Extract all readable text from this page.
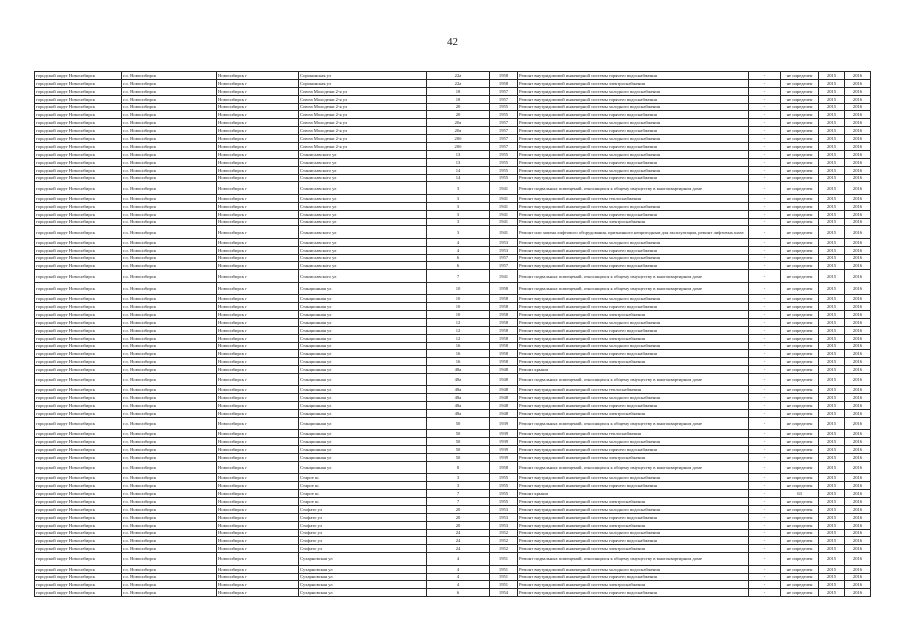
42
городской округ Новосибирск	г.о. Новосибирск	Новосибирск г	Сорокинская ул	22а	1958	Ремонт внутридомовой инженерной системы горячего водоснабжения	-	не определен	2015	2016
городской округ Новосибирск	г.о. Новосибирск	Новосибирск г	Сорокинская ул	22а	1958	Ремонт внутридомовой инженерной системы электроснабжения	-	не определен	2015	2016
городской округ Новосибирск	г.о. Новосибирск	Новосибирск г	Союза Молодежи 2-я ул	18	1957	Ремонт внутридомовой инженерной системы холодного водоснабжения	-	не определен	2015	2016
городской округ Новосибирск	г.о. Новосибирск	Новосибирск г	Союза Молодежи 2-я ул	18	1957	Ремонт внутридомовой инженерной системы горячего водоснабжения	-	не определен	2015	2016
городской округ Новосибирск	г.о. Новосибирск	Новосибирск г	Союза Молодежи 2-я ул	20	1955	Ремонт внутридомовой инженерной системы холодного водоснабжения	-	не определен	2015	2016
городской округ Новосибирск	г.о. Новосибирск	Новосибирск г	Союза Молодежи 2-я ул	20	1955	Ремонт внутридомовой инженерной системы горячего водоснабжения	-	не определен	2015	2016
городской округ Новосибирск	г.о. Новосибирск	Новосибирск г	Союза Молодежи 2-я ул	20а	1957	Ремонт внутридомовой инженерной системы холодного водоснабжения	-	не определен	2015	2016
городской округ Новосибирск	г.о. Новосибирск	Новосибирск г	Союза Молодежи 2-я ул	20а	1957	Ремонт внутридомовой инженерной системы горячего водоснабжения	-	не определен	2015	2016
городской округ Новосибирск	г.о. Новосибирск	Новосибирск г	Союза Молодежи 2-я ул	20б	1957	Ремонт внутридомовой инженерной системы холодного водоснабжения	-	не определен	2015	2016
городской округ Новосибирск	г.о. Новосибирск	Новосибирск г	Союза Молодежи 2-я ул	20б	1957	Ремонт внутридомовой инженерной системы горячего водоснабжения	-	не определен	2015	2016
городской округ Новосибирск	г.о. Новосибирск	Новосибирск г	Станиславского ул	13	1955	Ремонт внутридомовой инженерной системы холодного водоснабжения	-	не определен	2015	2016
городской округ Новосибирск	г.о. Новосибирск	Новосибирск г	Станиславского ул	13	1955	Ремонт внутридомовой инженерной системы горячего водоснабжения	-	не определен	2015	2016
городской округ Новосибирск	г.о. Новосибирск	Новосибирск г	Станиславского ул	14	1955	Ремонт внутридомовой инженерной системы холодного водоснабжения	-	не определен	2015	2016
городской округ Новосибирск	г.о. Новосибирск	Новосибирск г	Станиславского ул	14	1955	Ремонт внутридомовой инженерной системы горячего водоснабжения	-	не определен	2015	2016
городской округ Новосибирск	г.о. Новосибирск	Новосибирск г	Станиславского ул	3	1941	Ремонт подвальных помещений, относящихся к общему имуществу в многоквартирном доме	-	не определен	2015	2016
городской округ Новосибирск	г.о. Новосибирск	Новосибирск г	Станиславского ул	3	1941	Ремонт внутридомовой инженерной системы теплоснабжения	-	не определен	2015	2016
городской округ Новосибирск	г.о. Новосибирск	Новосибирск г	Станиславского ул	3	1941	Ремонт внутридомовой инженерной системы холодного водоснабжения	-	не определен	2015	2016
городской округ Новосибирск	г.о. Новосибирск	Новосибирск г	Станиславского ул	3	1941	Ремонт внутридомовой инженерной системы горячего водоснабжения	-	не определен	2015	2016
городской округ Новосибирск	г.о. Новосибирск	Новосибирск г	Станиславского ул	3	1941	Ремонт внутридомовой инженерной системы электроснабжения	-	не определен	2015	2016
городской округ Новосибирск	г.о. Новосибирск	Новосибирск г	Станиславского ул	3	1941	Ремонт или замена лифтового оборудования, признанного непригодным для эксплуатации, ремонт лифтовых шахт	-	не определен	2015	2016
городской округ Новосибирск	г.о. Новосибирск	Новосибирск г	Станиславского ул	4	1953	Ремонт внутридомовой инженерной системы холодного водоснабжения	-	не определен	2015	2016
городской округ Новосибирск	г.о. Новосибирск	Новосибирск г	Станиславского ул	4	1953	Ремонт внутридомовой инженерной системы горячего водоснабжения	-	не определен	2015	2016
городской округ Новосибирск	г.о. Новосибирск	Новосибирск г	Станиславского ул	6	1957	Ремонт внутридомовой инженерной системы холодного водоснабжения	-	не определен	2015	2016
городской округ Новосибирск	г.о. Новосибирск	Новосибирск г	Станиславского ул	6	1957	Ремонт внутридомовой инженерной системы горячего водоснабжения	-	не определен	2015	2016
городской округ Новосибирск	г.о. Новосибирск	Новосибирск г	Станиславского ул	7	1941	Ремонт подвальных помещений, относящихся к общему имуществу в многоквартирном доме	-	не определен	2015	2016
городской округ Новосибирск	г.о. Новосибирск	Новосибирск г	Станционная ул	10	1958	Ремонт подвальных помещений, относящихся к общему имуществу в многоквартирном доме	-	не определен	2015	2016
городской округ Новосибирск	г.о. Новосибирск	Новосибирск г	Станционная ул	10	1958	Ремонт внутридомовой инженерной системы холодного водоснабжения	-	не определен	2015	2016
городской округ Новосибирск	г.о. Новосибирск	Новосибирск г	Станционная ул	10	1958	Ремонт внутридомовой инженерной системы горячего водоснабжения	-	не определен	2015	2016
городской округ Новосибирск	г.о. Новосибирск	Новосибирск г	Станционная ул	10	1958	Ремонт внутридомовой инженерной системы электроснабжения	-	не определен	2015	2016
городской округ Новосибирск	г.о. Новосибирск	Новосибирск г	Станционная ул	12	1958	Ремонт внутридомовой инженерной системы холодного водоснабжения	-	не определен	2015	2016
городской округ Новосибирск	г.о. Новосибирск	Новосибирск г	Станционная ул	12	1958	Ремонт внутридомовой инженерной системы горячего водоснабжения	-	не определен	2015	2016
городской округ Новосибирск	г.о. Новосибирск	Новосибирск г	Станционная ул	12	1958	Ремонт внутридомовой инженерной системы электроснабжения	-	не определен	2015	2016
городской округ Новосибирск	г.о. Новосибирск	Новосибирск г	Станционная ул	16	1958	Ремонт внутридомовой инженерной системы холодного водоснабжения	-	не определен	2015	2016
городской округ Новосибирск	г.о. Новосибирск	Новосибирск г	Станционная ул	16	1958	Ремонт внутридомовой инженерной системы горячего водоснабжения	-	не определен	2015	2016
городской округ Новосибирск	г.о. Новосибирск	Новосибирск г	Станционная ул	16	1958	Ремонт внутридомовой инженерной системы электроснабжения	-	не определен	2015	2016
городской округ Новосибирск	г.о. Новосибирск	Новосибирск г	Станционная ул	48а	1948	Ремонт крыши	-	не определен	2015	2016
городской округ Новосибирск	г.о. Новосибирск	Новосибирск г	Станционная ул	48а	1948	Ремонт подвальных помещений, относящихся к общему имуществу в многоквартирном доме	-	не определен	2015	2016
городской округ Новосибирск	г.о. Новосибирск	Новосибирск г	Станционная ул	48а	1948	Ремонт внутридомовой инженерной системы теплоснабжения	-	не определен	2015	2016
городской округ Новосибирск	г.о. Новосибирск	Новосибирск г	Станционная ул	48а	1948	Ремонт внутридомовой инженерной системы холодного водоснабжения	-	не определен	2015	2016
городской округ Новосибирск	г.о. Новосибирск	Новосибирск г	Станционная ул	48а	1948	Ремонт внутридомовой инженерной системы горячего водоснабжения	-	не определен	2015	2016
городской округ Новосибирск	г.о. Новосибирск	Новосибирск г	Станционная ул	48а	1948	Ремонт внутридомовой инженерной системы электроснабжения	-	не определен	2015	2016
городской округ Новосибирск	г.о. Новосибирск	Новосибирск г	Станционная ул	50	1939	Ремонт подвальных помещений, относящихся к общему имуществу в многоквартирном доме	-	не определен	2015	2016
городской округ Новосибирск	г.о. Новосибирск	Новосибирск г	Станционная ул	50	1939	Ремонт внутридомовой инженерной системы теплоснабжения	-	не определен	2015	2016
городской округ Новосибирск	г.о. Новосибирск	Новосибирск г	Станционная ул	50	1939	Ремонт внутридомовой инженерной системы холодного водоснабжения	-	не определен	2015	2016
городской округ Новосибирск	г.о. Новосибирск	Новосибирск г	Станционная ул	50	1939	Ремонт внутридомовой инженерной системы горячего водоснабжения	-	не определен	2015	2016
городской округ Новосибирск	г.о. Новосибирск	Новосибирск г	Станционная ул	50	1939	Ремонт внутридомовой инженерной системы электроснабжения	-	не определен	2015	2016
городской округ Новосибирск	г.о. Новосибирск	Новосибирск г	Станционная ул	8	1958	Ремонт подвальных помещений, относящихся к общему имуществу в многоквартирном доме	-	не определен	2015	2016
городской округ Новосибирск	г.о. Новосибирск	Новосибирск г	Старое ш	3	1955	Ремонт внутридомовой инженерной системы холодного водоснабжения	-	не определен	2015	2016
городской округ Новосибирск	г.о. Новосибирск	Новосибирск г	Старое ш	3	1955	Ремонт внутридомовой инженерной системы горячего водоснабжения	-	не определен	2015	2016
городской округ Новосибирск	г.о. Новосибирск	Новосибирск г	Старое ш	7	1955	Ремонт крыши	-	63	2015	2016
городской округ Новосибирск	г.о. Новосибирск	Новосибирск г	Старое ш	7	1955	Ремонт внутридомовой инженерной системы электроснабжения	-	не определен	2015	2016
городской округ Новосибирск	г.о. Новосибирск	Новосибирск г	Стофато ул	20	1953	Ремонт внутридомовой инженерной системы холодного водоснабжения	-	не определен	2015	2016
городской округ Новосибирск	г.о. Новосибирск	Новосибирск г	Стофато ул	20	1953	Ремонт внутридомовой инженерной системы горячего водоснабжения	-	не определен	2015	2016
городской округ Новосибирск	г.о. Новосибирск	Новосибирск г	Стофато ул	20	1953	Ремонт внутридомовой инженерной системы электроснабжения	-	не определен	2015	2016
городской округ Новосибирск	г.о. Новосибирск	Новосибирск г	Стофато ул	24	1952	Ремонт внутридомовой инженерной системы холодного водоснабжения	-	не определен	2015	2016
городской округ Новосибирск	г.о. Новосибирск	Новосибирск г	Стофато ул	24	1952	Ремонт внутридомовой инженерной системы горячего водоснабжения	-	не определен	2015	2016
городской округ Новосибирск	г.о. Новосибирск	Новосибирск г	Стофато ул	24	1952	Ремонт внутридомовой инженерной системы электроснабжения	-	не определен	2015	2016
городской округ Новосибирск	г.о. Новосибирск	Новосибирск г	Сухарновская ул	4	1951	Ремонт подвальных помещений, относящихся к общему имуществу в многоквартирном доме	-	не определен	2015	2016
городской округ Новосибирск	г.о. Новосибирск	Новосибирск г	Сухарновская ул	4	1951	Ремонт внутридомовой инженерной системы холодного водоснабжения	-	не определен	2015	2016
городской округ Новосибирск	г.о. Новосибирск	Новосибирск г	Сухарновская ул	4	1951	Ремонт внутридомовой инженерной системы горячего водоснабжения	-	не определен	2015	2016
городской округ Новосибирск	г.о. Новосибирск	Новосибирск г	Сухарновская ул	4	1951	Ремонт внутридомовой инженерной системы электроснабжения	-	не определен	2015	2016
городской округ Новосибирск	г.о. Новосибирск	Новосибирск г	Сухарновская ул	6	1954	Ремонт внутридомовой инженерной системы горячего водоснабжения	-	не определен	2015	2016
